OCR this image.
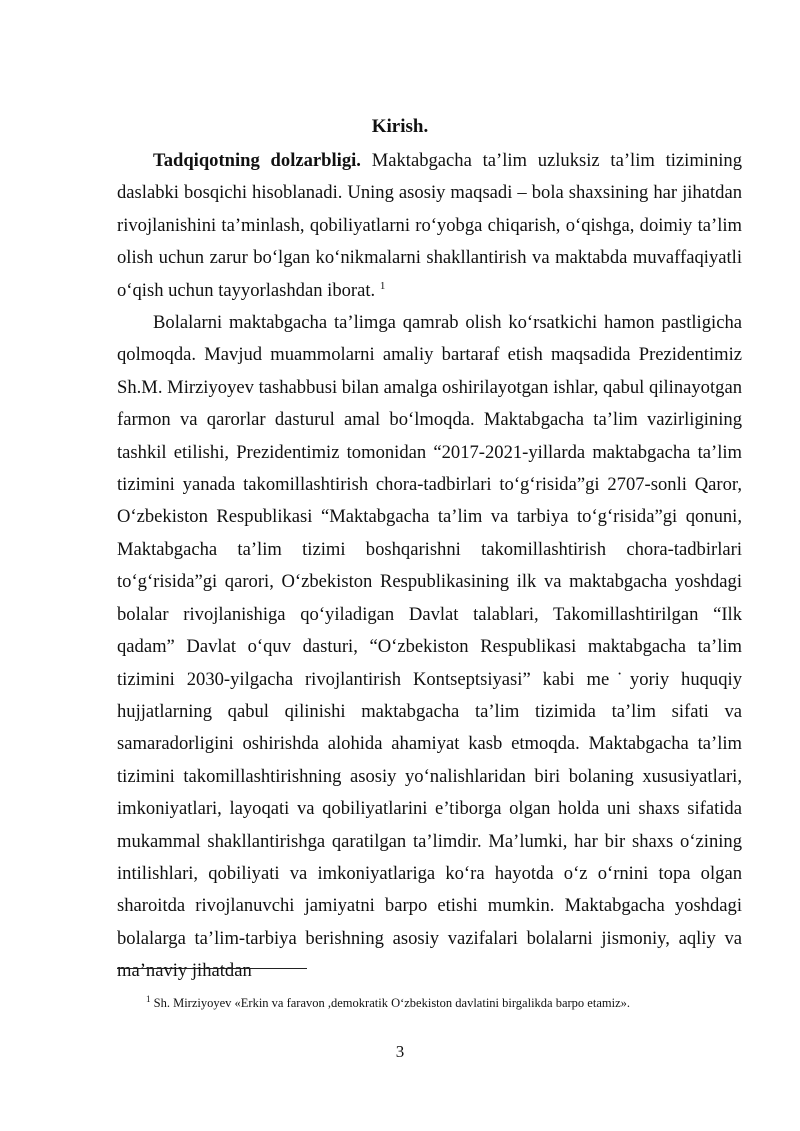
Kirish.

Tadqiqotning dolzarbligi. Maktabgacha ta’lim uzluksiz ta’lim tizimining daslabki bosqichi hisoblanadi. Uning asosiy maqsadi – bola shaxsining har jihatdan rivojlanishini ta’minlash, qobiliyatlarni ro‘yobga chiqarish, o‘qishga, doimiy ta’lim olish uchun zarur bo‘lgan ko‘nikmalarni shakllantirish va maktabda muvaffaqiyatli o‘qish uchun tayyorlashdan iborat. $^1$

Bolalarni maktabgacha ta’limga qamrab olish ko‘rsatkichi hamon pastligicha qolmoqda. Mavjud muammolarni amaliy bartaraf etish maqsadida Prezidentimiz Sh.M. Mirziyoyev tashabbusi bilan amalga oshirilayotgan ishlar, qabul qilinayotgan farmon va qarorlar dasturul amal bo‘lmoqda. Maktabgacha ta’lim vazirligining tashkil etilishi, Prezidentimiz tomonidan “2017-2021-yillarda maktabgacha ta’lim tizimini yanada takomillashtirish chora-tadbirlari to‘g‘risida”gi 2707-sonli Qaror, O‘zbekiston Respublikasi “Maktabgacha ta’lim va tarbiya to‘g‘risida”gi qonuni, Maktabgacha ta’lim tizimi boshqarishni takomillashtirish chora-tadbirlari to‘g‘risida”gi qarori, O‘zbekiston Respublikasining ilk va maktabgacha yoshdagi bolalar rivojlanishiga qo‘yiladigan Davlat talablari, Takomillashtirilgan “Ilk qadam” Davlat o‘quv dasturi, “O‘zbekiston Respublikasi maktabgacha ta’lim tizimini 2030-yilgacha rivojlantirish Kontseptsiyasi” kabi me˙yoriy huquqiy hujjatlarning qabul qilinishi maktabgacha ta’lim tizimida ta’lim sifati va samaradorligini oshirishda alohida ahamiyat kasb etmoqda. Maktabgacha ta’lim tizimini takomillashtirishning asosiy yo‘nalishlaridan biri bolaning xususiyatlari, imkoniyatlari, layoqati va qobiliyatlarini e’tiborga olgan holda uni shaxs sifatida mukammal shakllantirishga qaratilgan ta’limdir. Ma’lumki, har bir shaxs o‘zining intilishlari, qobiliyati va imkoniyatlariga ko‘ra hayotda o‘z o‘rnini topa olgan sharoitda rivojlanuvchi jamiyatni barpo etishi mumkin. Maktabgacha yoshdagi bolalarga ta’lim-tarbiya berishning asosiy vazifalari bolalarni jismoniy, aqliy va ma’naviy jihatdan

$^1$ Sh. Mirziyoyev «Erkin va faravon ,demokratik O‘zbekiston davlatini birgalikda barpo etamiz».
3
